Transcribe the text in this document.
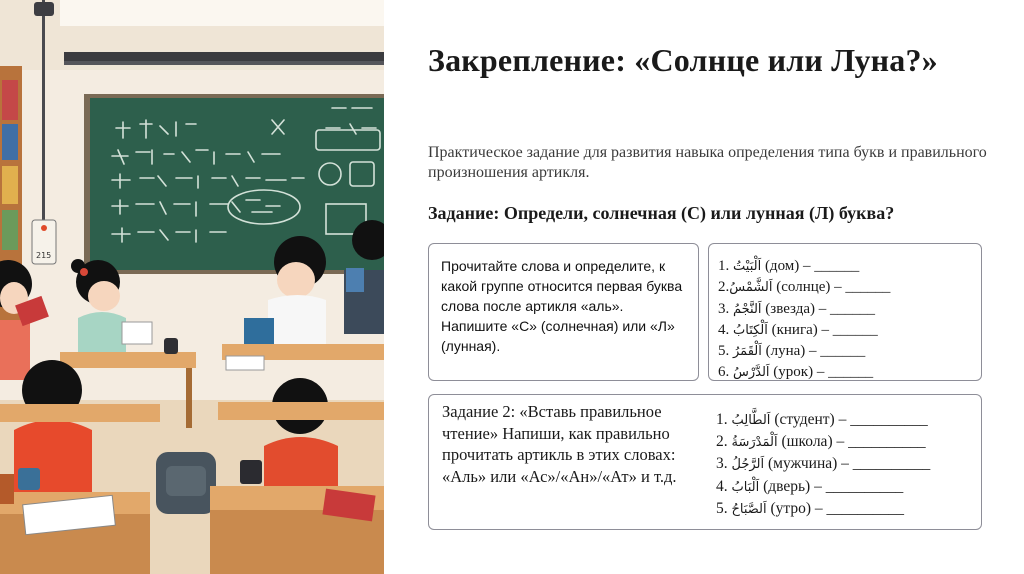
215
Закрепление: «Солнце или Луна?»
Практическое задание для развития навыка определения типа букв и правильного произношения артикля.
Задание: Определи, солнечная (С) или лунная (Л) буква?
Прочитайте слова и определите, к какой группе относится первая буква слова после артикля «аль». Напишите «С» (солнечная) или «Л» (лунная).
1. اَلْبَيْتُ (дом) – ______
2.اَلشَّمْسُ (солнце) – ______
3. اَلنَّجْمُ (звезда) – ______
4. اَلْكِتَابُ (книга) – ______
5. اَلْقَمَرُ (луна) – ______
6. اَلدَّرْسُ (урок) – ______
Задание 2: «Вставь правильное чтение» Напиши, как правильно прочитать артикль в этих словах: «Аль» или «Ас»/«Ан»/«Ат» и т.д.
1. اَلطَّالِبُ (студент) – __________
2. اَلْمَدْرَسَةُ (школа) – __________
3. اَلرَّجُلُ (мужчина) – __________
4. اَلْبَابُ (дверь) – __________
5. اَلصَّبَاحُ (утро) – __________
